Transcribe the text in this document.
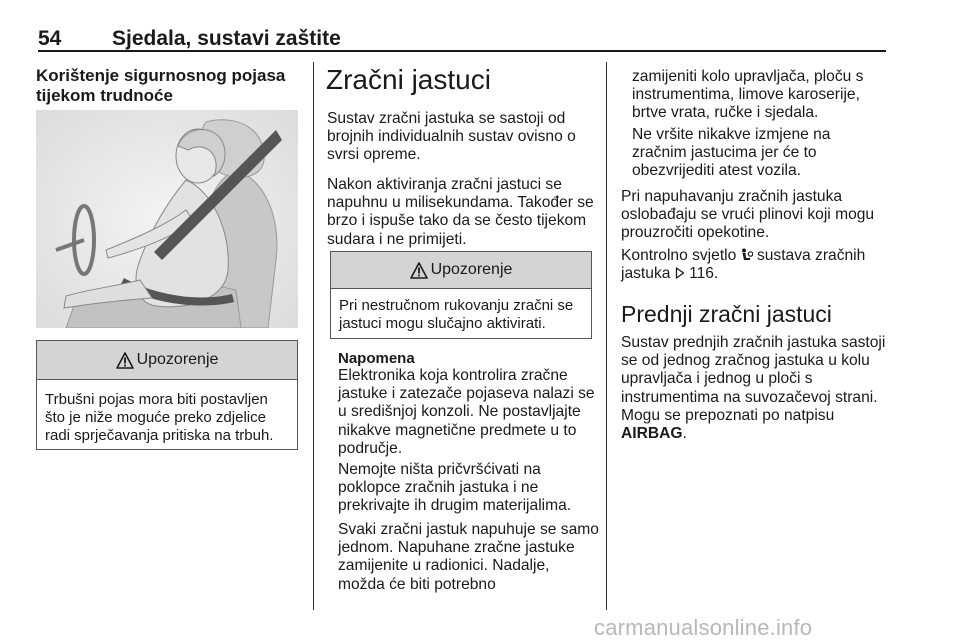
54 Sjedala, sustavi zaštite
Korištenje sigurnosnog pojasa tijekom trudnoće
Upozorenje
Trbušni pojas mora biti postavljen što je niže moguće preko zdjelice radi sprječavanja pritiska na trbuh.
Zračni jastuci
Sustav zračni jastuka se sastoji od brojnih individualnih sustav ovisno o svrsi opreme.
Nakon aktiviranja zračni jastuci se napuhnu u milisekundama. Također se brzo i ispuše tako da se često tijekom sudara i ne primijeti.
Upozorenje
Pri nestručnom rukovanju zračni se jastuci mogu slučajno aktivirati.
Napomena
Elektronika koja kontrolira zračne jastuke i zatezače pojaseva nalazi se u središnjoj konzoli. Ne postavljajte nikakve magnetične predmete u to područje.
Nemojte ništa pričvršćivati na poklopce zračnih jastuka i ne prekrivajte ih drugim materijalima.
Svaki zračni jastuk napuhuje se samo jednom. Napuhane zračne jastuke zamijenite u radionici. Nadalje, možda će biti potrebno
zamijeniti kolo upravljača, ploču s instrumentima, limove karoserije, brtve vrata, ručke i sjedala.
Ne vršite nikakve izmjene na zračnim jastucima jer će to obezvrijediti atest vozila.
Pri napuhavanju zračnih jastuka oslobađaju se vrući plinovi koji mogu prouzročiti opekotine.
Kontrolno svjetlo  sustava zračnih jastuka  116.
Prednji zračni jastuci
Sustav prednjih zračnih jastuka sastoji se od jednog zračnog jastuka u kolu upravljača i jednog u ploči s instrumentima na suvozačevoj strani. Mogu se prepoznati po natpisu AIRBAG.
carmanualsonline.info
